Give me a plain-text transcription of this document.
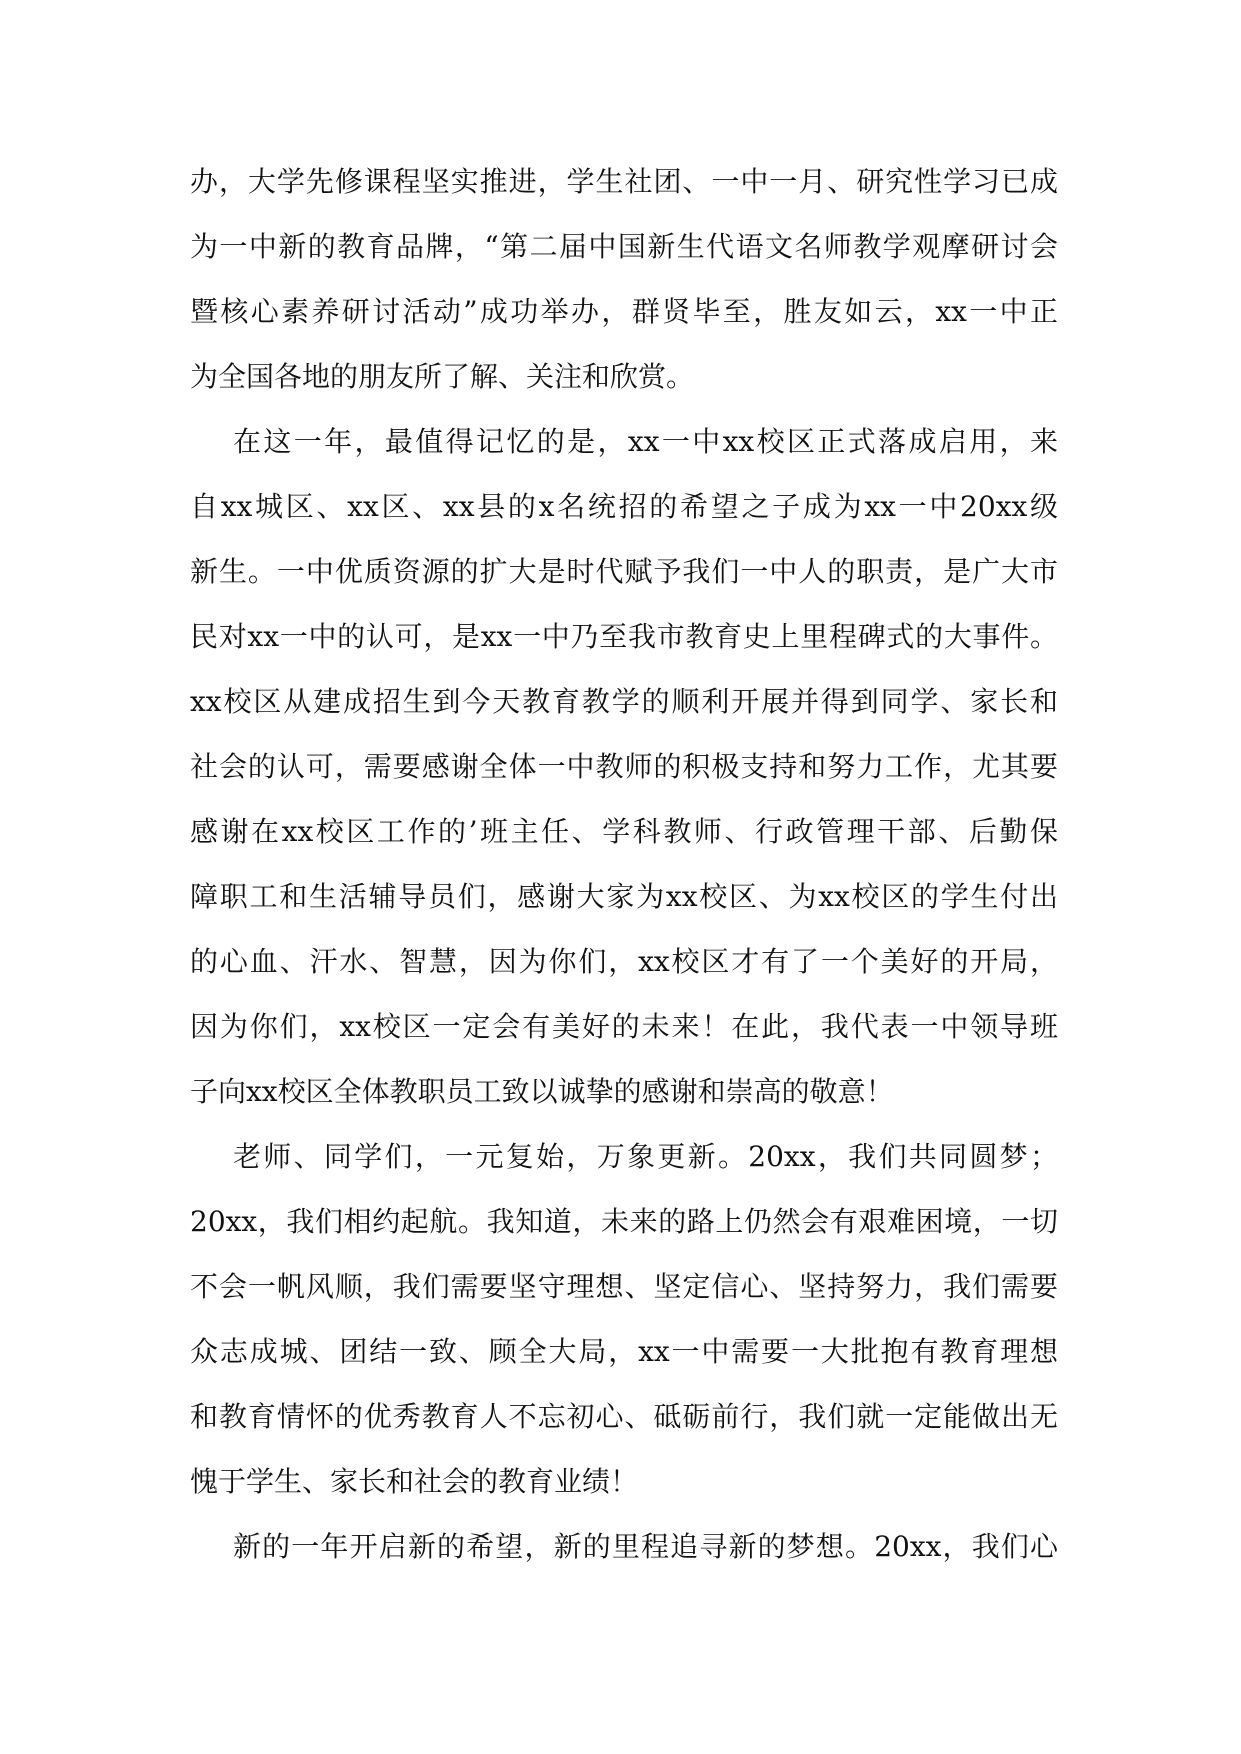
办，大学先修课程坚实推进，学生社团、一中一月、研究性学习已成
为一中新的教育品牌，“第二届中国新生代语文名师教学观摩研讨会
暨核心素养研讨活动”成功举办，群贤毕至，胜友如云，xx一中正
为全国各地的朋友所了解、关注和欣赏。
在这一年，最值得记忆的是，xx一中xx校区正式落成启用，来
自xx城区、xx区、xx县的x名统招的希望之子成为xx一中20xx级
新生。一中优质资源的扩大是时代赋予我们一中人的职责，是广大市
民对xx一中的认可，是xx一中乃至我市教育史上里程碑式的大事件。
xx校区从建成招生到今天教育教学的顺利开展并得到同学、家长和
社会的认可，需要感谢全体一中教师的积极支持和努力工作，尤其要
感谢在xx校区工作的’班主任、学科教师、行政管理干部、后勤保
障职工和生活辅导员们，感谢大家为xx校区、为xx校区的学生付出
的心血、汗水、智慧，因为你们，xx校区才有了一个美好的开局，
因为你们，xx校区一定会有美好的未来！在此，我代表一中领导班
子向xx校区全体教职员工致以诚挚的感谢和崇高的敬意！
老师、同学们，一元复始，万象更新。20xx，我们共同圆梦；
20xx，我们相约起航。我知道，未来的路上仍然会有艰难困境，一切
不会一帆风顺，我们需要坚守理想、坚定信心、坚持努力，我们需要
众志成城、团结一致、顾全大局，xx一中需要一大批抱有教育理想
和教育情怀的优秀教育人不忘初心、砥砺前行，我们就一定能做出无
愧于学生、家长和社会的教育业绩！
新的一年开启新的希望，新的里程追寻新的梦想。20xx，我们心
